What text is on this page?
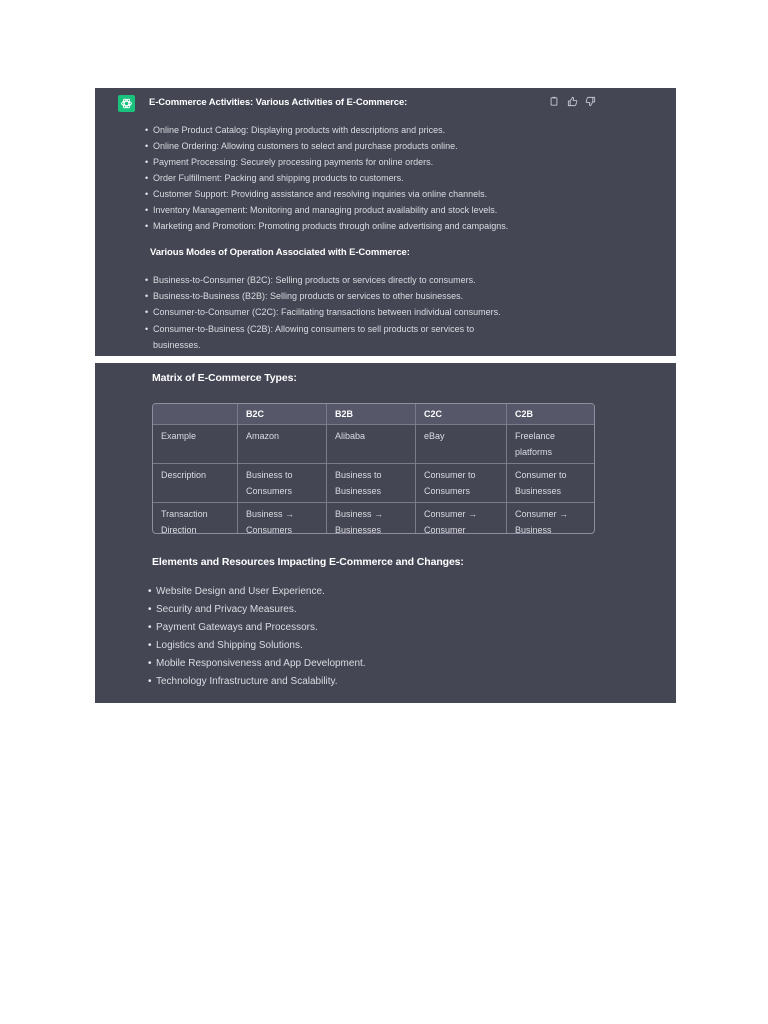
E-Commerce Activities: Various Activities of E-Commerce:
• Online Product Catalog: Displaying products with descriptions and prices.
• Online Ordering: Allowing customers to select and purchase products online.
• Payment Processing: Securely processing payments for online orders.
• Order Fulfillment: Packing and shipping products to customers.
• Customer Support: Providing assistance and resolving inquiries via online channels.
• Inventory Management: Monitoring and managing product availability and stock levels.
• Marketing and Promotion: Promoting products through online advertising and campaigns.
Various Modes of Operation Associated with E-Commerce:
• Business-to-Consumer (B2C): Selling products or services directly to consumers.
• Business-to-Business (B2B): Selling products or services to other businesses.
• Consumer-to-Consumer (C2C): Facilitating transactions between individual consumers.
• Consumer-to-Business (C2B): Allowing consumers to sell products or services to businesses.
Matrix of E-Commerce Types:
	B2C	B2B	C2C	C2B
Example	Amazon	Alibaba	eBay	Freelance platforms
Description	Business to Consumers	Business to Businesses	Consumer to Consumers	Consumer to Businesses
Transaction Direction	Business → Consumers	Business → Businesses	Consumer → Consumer	Consumer → Business
Elements and Resources Impacting E-Commerce and Changes:
• Website Design and User Experience.
• Security and Privacy Measures.
• Payment Gateways and Processors.
• Logistics and Shipping Solutions.
• Mobile Responsiveness and App Development.
• Technology Infrastructure and Scalability.
